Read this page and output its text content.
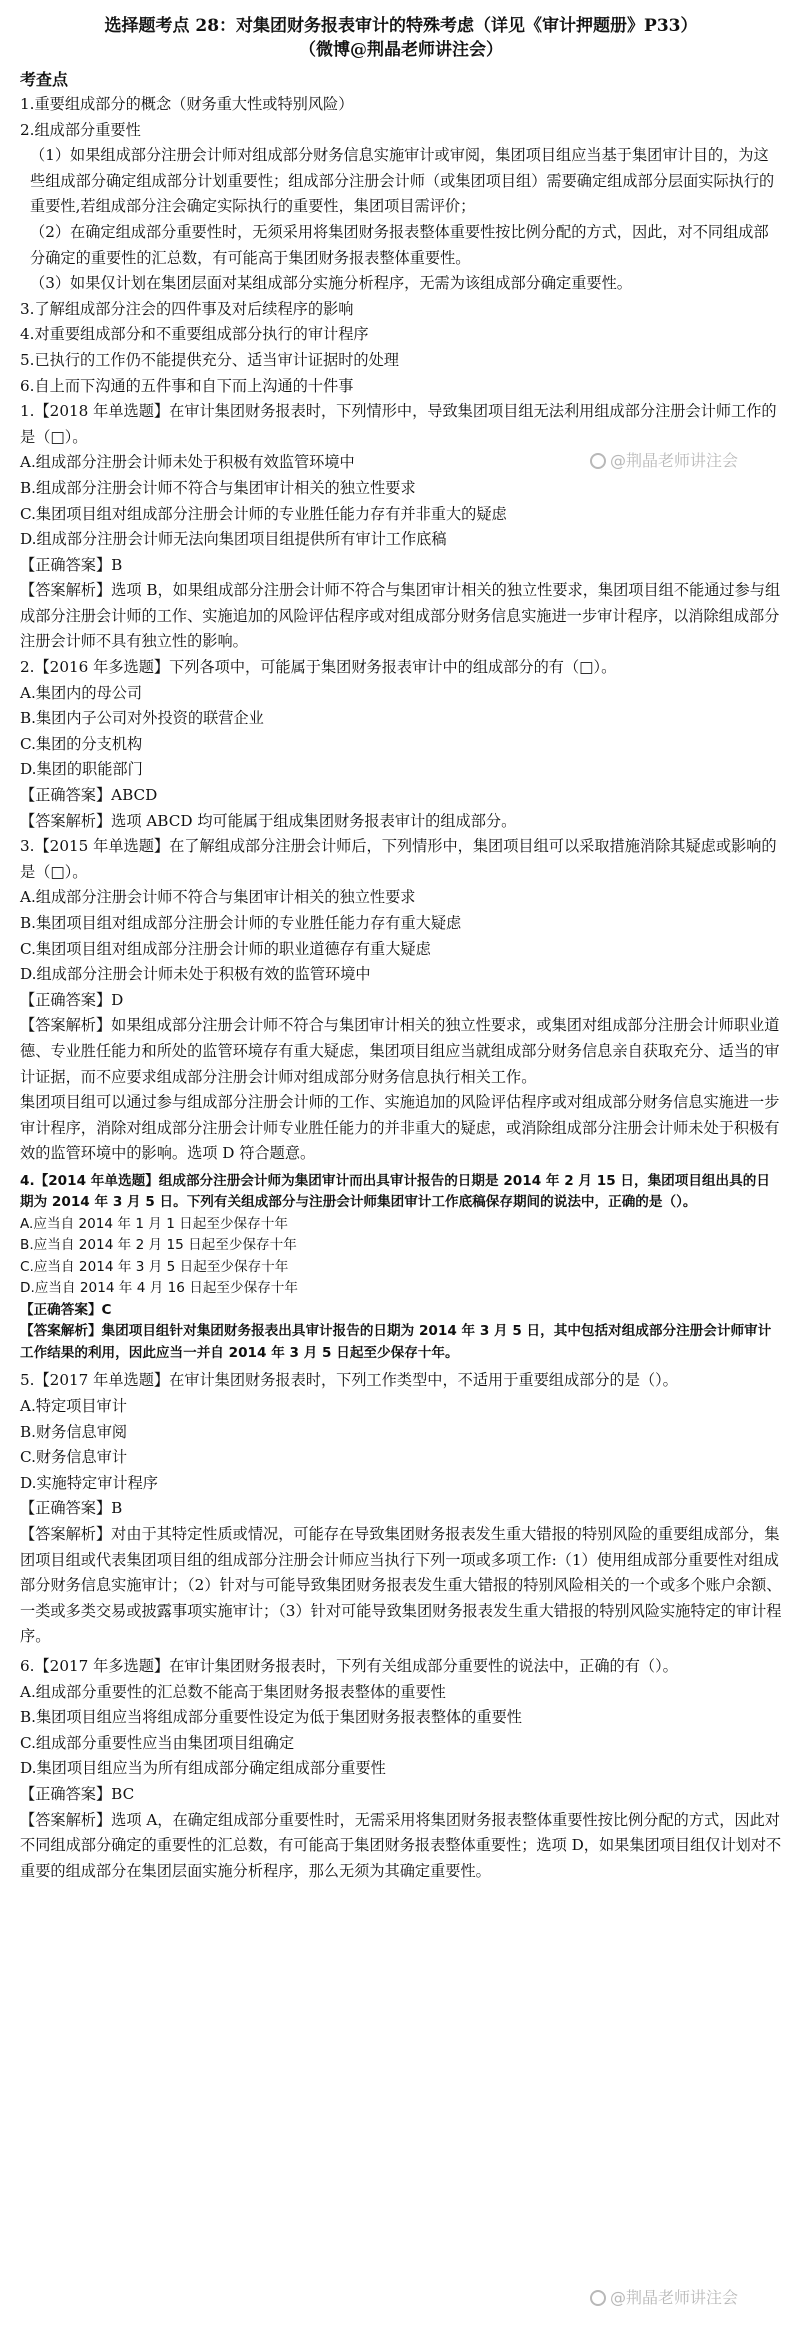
选择题考点 28：对集团财务报表审计的特殊考虑（详见《审计押题册》P33）
（微博@荆晶老师讲注会）
考查点

1.重要组成部分的概念（财务重大性或特别风险）

2.组成部分重要性

（1）如果组成部分注册会计师对组成部分财务信息实施审计或审阅，集团项目组应当基于集团审计目的，为这些组成部分确定组成部分计划重要性；组成部分注册会计师（或集团项目组）需要确定组成部分层面实际执行的重要性,若组成部分注会确定实际执行的重要性，集团项目需评价；

（2）在确定组成部分重要性时，无须采用将集团财务报表整体重要性按比例分配的方式，因此，对不同组成部分确定的重要性的汇总数，有可能高于集团财务报表整体重要性。

（3）如果仅计划在集团层面对某组成部分实施分析程序，无需为该组成部分确定重要性。

3.了解组成部分注会的四件事及对后续程序的影响

4.对重要组成部分和不重要组成部分执行的审计程序

5.已执行的工作仍不能提供充分、适当审计证据时的处理

6.自上而下沟通的五件事和自下而上沟通的十件事

1.【2018 年单选题】在审计集团财务报表时，下列情形中，导致集团项目组无法利用组成部分注册会计师工作的是（□）。

A.组成部分注册会计师未处于积极有效监管环境中

B.组成部分注册会计师不符合与集团审计相关的独立性要求

C.集团项目组对组成部分注册会计师的专业胜任能力存有并非重大的疑虑

D.组成部分注册会计师无法向集团项目组提供所有审计工作底稿

【正确答案】B

【答案解析】选项 B，如果组成部分注册会计师不符合与集团审计相关的独立性要求，集团项目组不能通过参与组成部分注册会计师的工作、实施追加的风险评估程序或对组成部分财务信息实施进一步审计程序，以消除组成部分注册会计师不具有独立性的影响。

2.【2016 年多选题】下列各项中，可能属于集团财务报表审计中的组成部分的有（□）。

A.集团内的母公司

B.集团内子公司对外投资的联营企业

C.集团的分支机构

D.集团的职能部门

【正确答案】ABCD

【答案解析】选项 ABCD 均可能属于组成集团财务报表审计的组成部分。

3.【2015 年单选题】在了解组成部分注册会计师后，下列情形中，集团项目组可以采取措施消除其疑虑或影响的是（□）。

A.组成部分注册会计师不符合与集团审计相关的独立性要求

B.集团项目组对组成部分注册会计师的专业胜任能力存有重大疑虑

C.集团项目组对组成部分注册会计师的职业道德存有重大疑虑

D.组成部分注册会计师未处于积极有效的监管环境中

【正确答案】D

【答案解析】如果组成部分注册会计师不符合与集团审计相关的独立性要求，或集团对组成部分注册会计师职业道德、专业胜任能力和所处的监管环境存有重大疑虑，集团项目组应当就组成部分财务信息亲自获取充分、适当的审计证据，而不应要求组成部分注册会计师对组成部分财务信息执行相关工作。

集团项目组可以通过参与组成部分注册会计师的工作、实施追加的风险评估程序或对组成部分财务信息实施进一步审计程序，消除对组成部分注册会计师专业胜任能力的并非重大的疑虑，或消除组成部分注册会计师未处于积极有效的监管环境中的影响。选项 D 符合题意。

4.【2014 年单选题】组成部分注册会计师为集团审计而出具审计报告的日期是 2014 年 2 月 15 日，集团项目组出具的日期为 2014 年 3 月 5 日。下列有关组成部分与注册会计师集团审计工作底稿保存期间的说法中，正确的是（）。

A.应当自 2014 年 1 月 1 日起至少保存十年

B.应当自 2014 年 2 月 15 日起至少保存十年

C.应当自 2014 年 3 月 5 日起至少保存十年

D.应当自 2014 年 4 月 16 日起至少保存十年

【正确答案】C

【答案解析】集团项目组针对集团财务报表出具审计报告的日期为 2014 年 3 月 5 日，其中包括对组成部分注册会计师审计工作结果的利用，因此应当一并自 2014 年 3 月 5 日起至少保存十年。

5.【2017 年单选题】在审计集团财务报表时，下列工作类型中，不适用于重要组成部分的是（）。

A.特定项目审计

B.财务信息审阅

C.财务信息审计

D.实施特定审计程序

【正确答案】B

【答案解析】对由于其特定性质或情况，可能存在导致集团财务报表发生重大错报的特别风险的重要组成部分，集团项目组或代表集团项目组的组成部分注册会计师应当执行下列一项或多项工作:（1）使用组成部分重要性对组成部分财务信息实施审计；（2）针对与可能导致集团财务报表发生重大错报的特别风险相关的一个或多个账户余额、一类或多类交易或披露事项实施审计；（3）针对可能导致集团财务报表发生重大错报的特别风险实施特定的审计程序。

6.【2017 年多选题】在审计集团财务报表时，下列有关组成部分重要性的说法中，正确的有（）。

A.组成部分重要性的汇总数不能高于集团财务报表整体的重要性

B.集团项目组应当将组成部分重要性设定为低于集团财务报表整体的重要性

C.组成部分重要性应当由集团项目组确定

D.集团项目组应当为所有组成部分确定组成部分重要性

【正确答案】BC

【答案解析】选项 A，在确定组成部分重要性时，无需采用将集团财务报表整体重要性按比例分配的方式，因此对不同组成部分确定的重要性的汇总数，有可能高于集团财务报表整体重要性；选项 D，如果集团项目组仅计划对不重要的组成部分在集团层面实施分析程序，那么无须为其确定重要性。

@荆晶老师讲注会
@荆晶老师讲注会
